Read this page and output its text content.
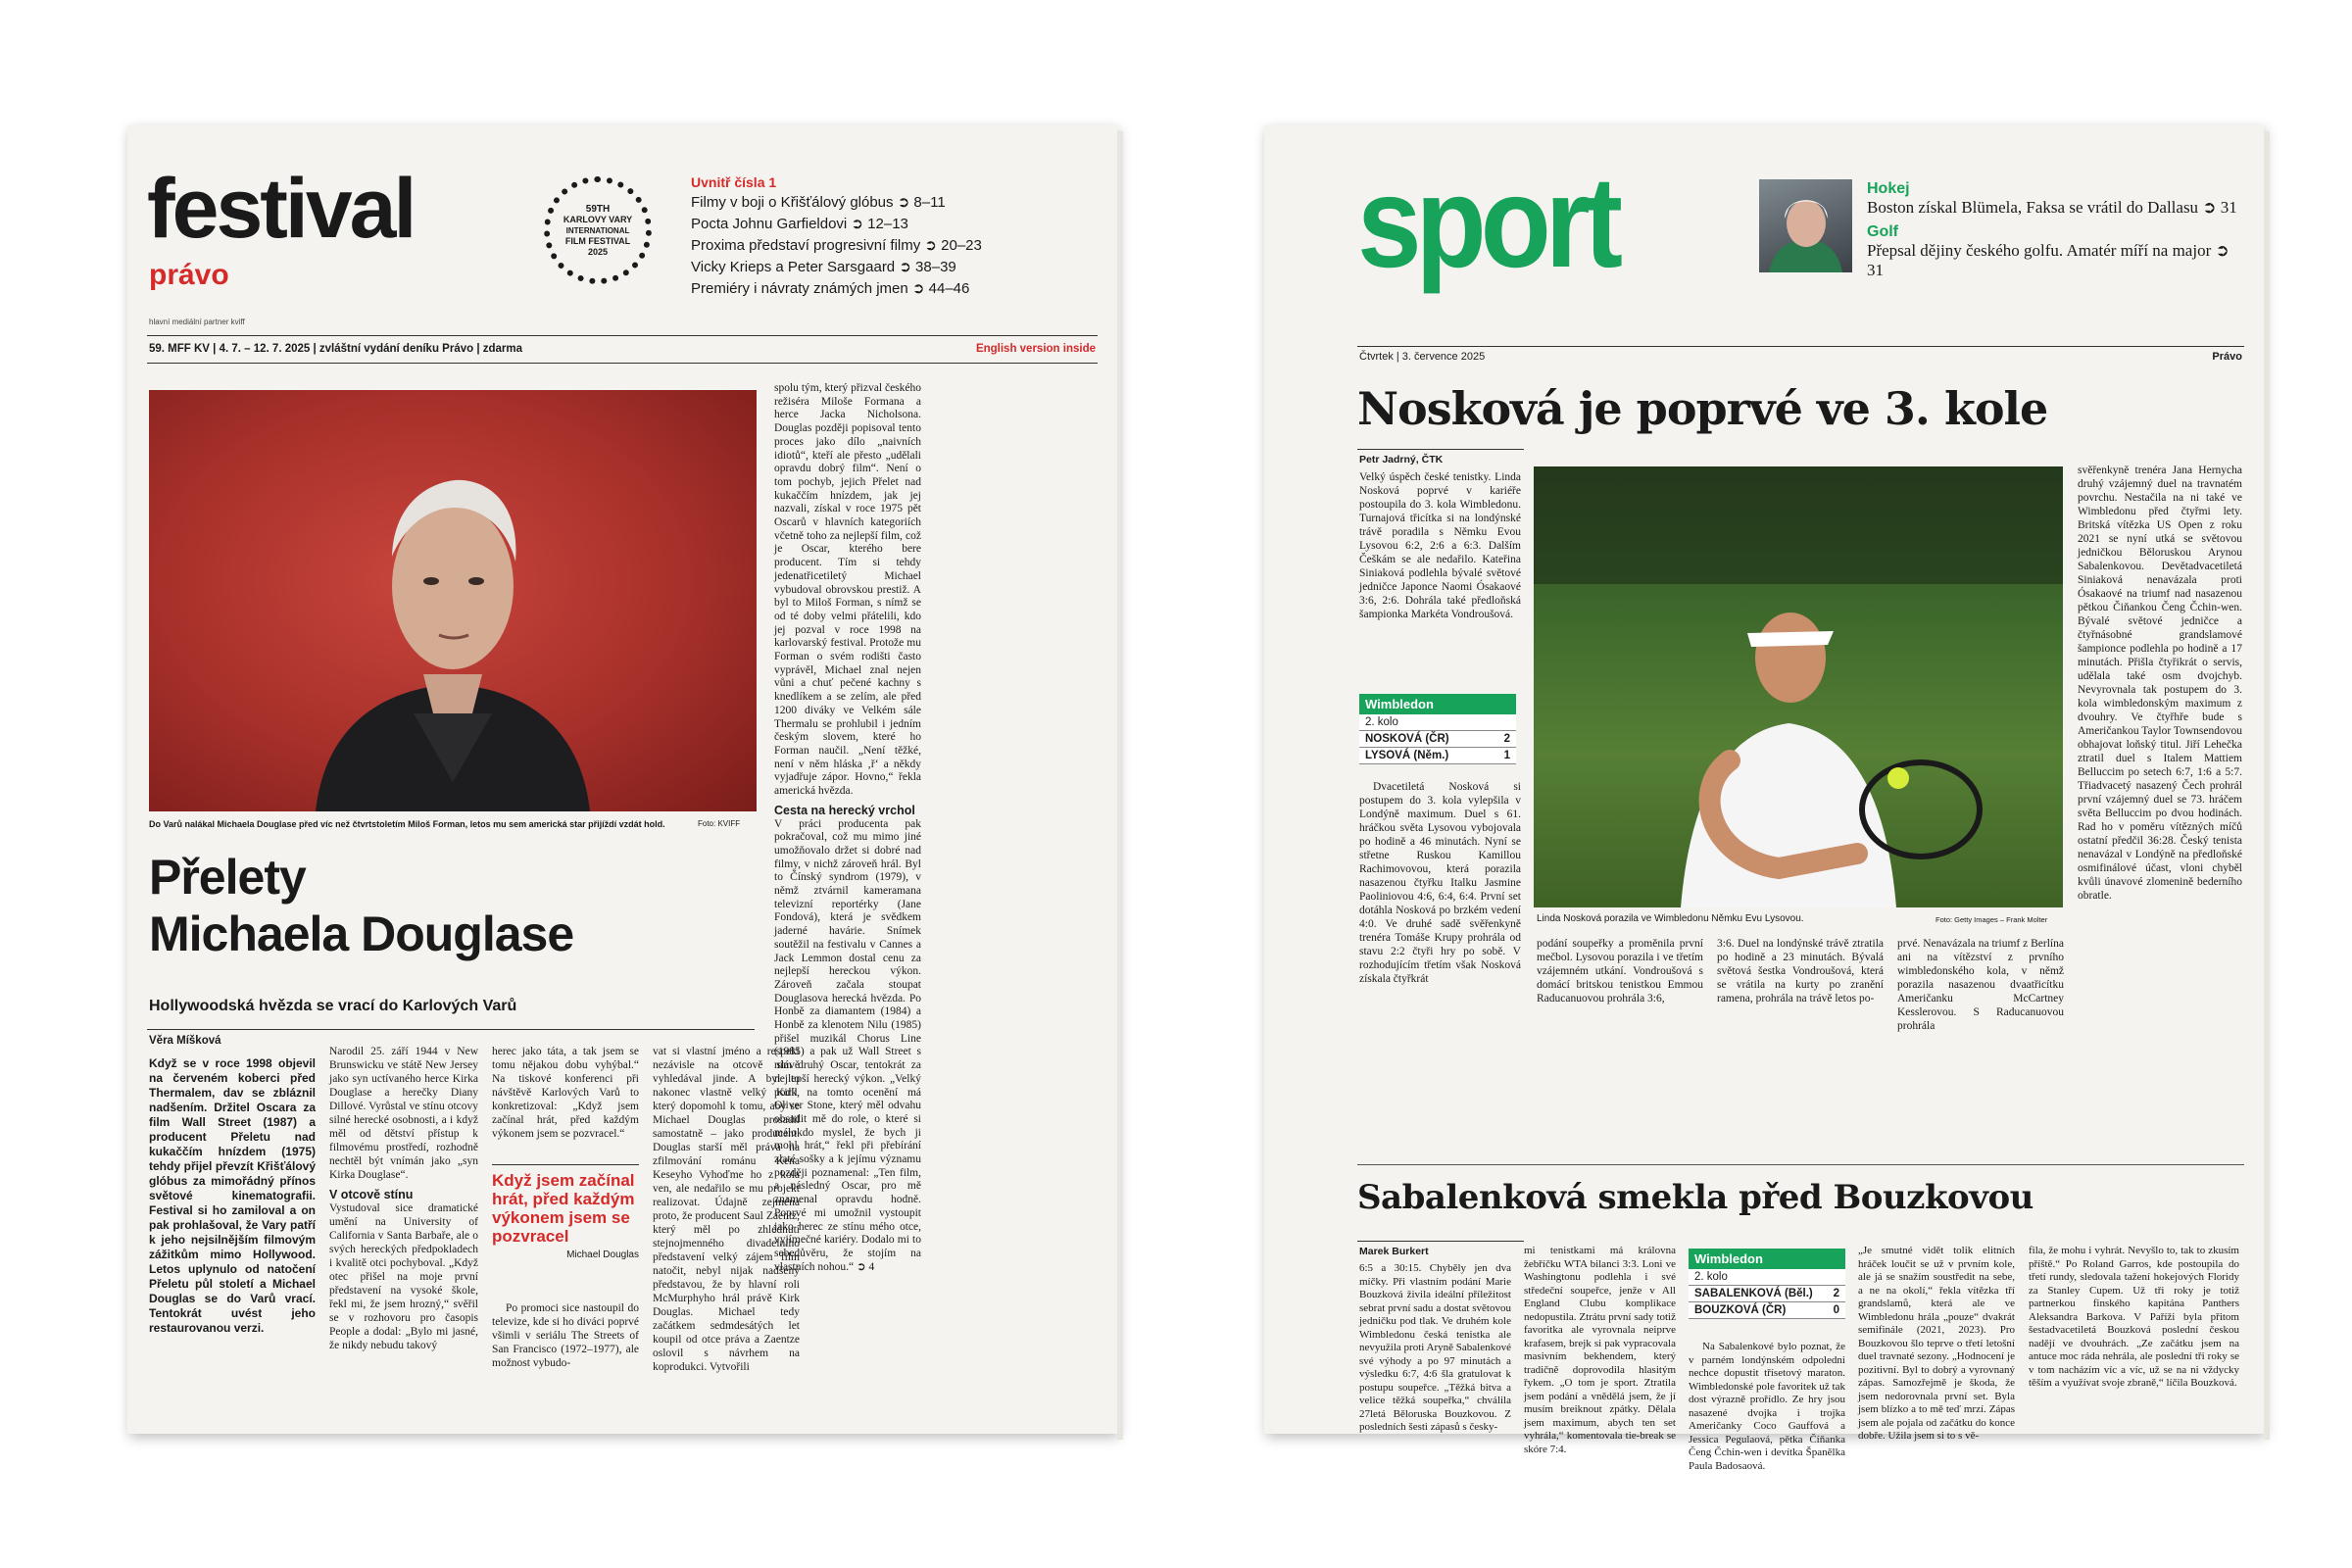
festival
právo
hlavní mediální partner kviff
59TH
KARLOVY VARY
INTERNATIONAL
FILM FESTIVAL
2025
Uvnitř čísla 1
Filmy v boji o Křišťálový glóbus ➲ 8–11
Pocta Johnu Garfieldovi ➲ 12–13
Proxima představí progresivní filmy ➲ 20–23
Vicky Krieps a Peter Sarsgaard ➲ 38–39
Premiéry i návraty známých jmen ➲ 44–46
59. MFF KV | 4. 7. – 12. 7. 2025 | zvláštní vydání deníku Právo | zdarma	English version inside
Do Varů nalákal Michaela Douglase před víc než čtvrtstoletím Miloš Forman, letos mu sem americká star přijíždí vzdát hold.	Foto: KVIFF

spolu tým, který přizval českého režiséra Miloše Formana a herce Jacka Nicholsona. Douglas později popisoval tento proces jako dílo „naivních idiotů“, kteří ale přesto „udělali opravdu dobrý film“. Není o tom pochyb, jejich Přelet nad kukaččím hnízdem, jak jej nazvali, získal v roce 1975 pět Oscarů v hlavních kategoriích včetně toho za nejlepší film, což je Oscar, kterého bere producent. Tím si tehdy jedenatřicetiletý Michael vybudoval obrovskou prestiž. A byl to Miloš Forman, s nímž se od té doby velmi přátelili, kdo jej pozval v roce 1998 na karlovarský festival. Protože mu Forman o svém rodišti často vyprávěl, Michael znal nejen vůni a chuť pečené kachny s knedlíkem a se zelím, ale před 1200 diváky ve Velkém sále Thermalu se prohlubil i jedním českým slovem, které ho Forman naučil. „Není těžké, není v něm hláska ‚ř‘ a někdy vyjadřuje zápor. Hovno,“ řekla americká hvězda.

Cesta na herecký vrchol

V práci producenta pak pokračoval, což mu mimo jiné umožňovalo držet si dobré nad filmy, v nichž zároveň hrál. Byl to Čínský syndrom (1979), v němž ztvárnil kameramana televizní reportérky (Jane Fondová), která je svědkem jaderné havárie. Snímek soutěžil na festivalu v Cannes a Jack Lemmon dostal cenu za nejlepší hereckou výkon. Zároveň začala stoupat Douglasova herecká hvězda. Po Honbě za diamantem (1984) a Honbě za klenotem Nilu (1985) přišel muzikál Chorus Line (1985) a pak už Wall Street s ním druhý Oscar, tentokrát za nejlepší herecký výkon. „Velký podíl na tomto ocenění má Oliver Stone, který měl odvahu obsadit mě do role, o které si málokdo myslel, že bych ji mohl hrát,“ řekl při přebírání zlaté sošky a k jejímu významu později poznamenal: „Ten film, a následný Oscar, pro mě znamenal opravdu hodně. Poprvé mi umožnil vystoupit jako herec ze stínu mého otce, vyjímečné kariéry. Dodalo mi to sebedůvěru, že stojím na vlastních nohou.“ ➲ 4

Přelety
Michaela Douglase
Hollywoodská hvězda se vrací do Karlových Varů
Věra Míšková

Když se v roce 1998 objevil na červeném koberci před Thermalem, dav se zbláznil nadšením. Držitel Oscara za film Wall Street (1987) a producent Přeletu nad kukaččím hnízdem (1975) tehdy přijel převzít Křišťálový glóbus za mimořádný přínos světové kinematografii. Festival si ho zamiloval a on pak prohlašoval, že Vary patří k jeho nejsilnějším filmovým zážitkům mimo Hollywood. Letos uplynulo od natočení Přeletu půl století a Michael Douglas se do Varů vrací. Tentokrát uvést jeho restaurovanou verzi.

Narodil 25. září 1944 v New Brunswicku ve státě New Jersey jako syn uctívaného herce Kirka Douglase a herečky Diany Dillové. Vyrůstal ve stínu otcovy silné herecké osobnosti, a i když měl od dětství přístup k filmovému prostředí, rozhodně nechtěl být vnímán jako „syn Kirka Douglase“.

V otcově stínu

Vystudoval sice dramatické umění na University of California v Santa Barbaře, ale o svých hereckých předpokladech i kvalitě otci pochyboval. „Když otec přišel na moje první představení na vysoké škole, řekl mi, že jsem hrozný,“ svěřil se v rozhovoru pro časopis People a dodal: „Bylo mi jasné, že nikdy nebudu takový

herec jako táta, a tak jsem se tomu nějakou dobu vyhýbal.“ Na tiskové konferenci při návštěvě Karlových Varů to konkretizoval: „Když jsem začínal hrát, před každým výkonem jsem se pozvracel.“

Když jsem začínal hrát, před každým výkonem jsem se pozvracel
Michael Douglas

Po promoci sice nastoupil do televize, kde si ho diváci poprvé všimli v seriálu The Streets of San Francisco (1972–1977), ale možnost vybudo-

vat si vlastní jméno a respekt nezávisle na otcově slávě vyhledával jinde. A byl to nakonec vlastně velký Kirk, který dopomohl k tomu, aby se Michael Douglas prosadil samostatně – jako producent. Douglas starší měl práva na zfilmování románu Kena Keseyho Vyhoďme ho z kola ven, ale nedařilo se mu projekt realizovat. Údajně zejména proto, že producent Saul Zaentz, který měl po zhlédnutí stejnojmenného divadelního představení velký zájem film natočit, nebyl nijak nadšený představou, že by hlavní roli McMurphyho hrál právě Kirk Douglas. Michael tedy začátkem sedmdesátých let koupil od otce práva a Zaentze oslovil s návrhem na koprodukci. Vytvořili

sport	Hokej
Boston získal Blümela, Faksa se vrátil do Dallasu ➲ 31
Golf
Přepsal dějiny českého golfu. Amatér míří na major ➲ 31
Čtvrtek | 3. července 2025	Právo
Nosková je poprvé ve 3. kole
Petr Jadrný, ČTK

Velký úspěch české tenistky. Linda Nosková poprvé v kariéře postoupila do 3. kola Wimbledonu. Turnajová třicítka si na londýnské trávě poradila s Němku Evou Lysovou 6:2, 2:6 a 6:3. Dalším Češkám se ale nedařilo. Kateřina Siniaková podlehla bývalé světové jedničce Japonce Naomi Ósakaové 3:6, 2:6. Dohrála také předloňská šampionka Markéta Vondroušová.

Wimbledon
2. kolo
NOSKOVÁ (ČR)	2
LYSOVÁ (Něm.)	1

Dvacetiletá Nosková si postupem do 3. kola vylepšila v Londýně maximum. Duel s 61. hráčkou světa Lysovou vybojovala po hodině a 46 minutách. Nyní se střetne Ruskou Kamillou Rachimovovou, která porazila nasazenou čtyřku Italku Jasmine Paoliniovou 4:6, 6:4, 6:4. První set dotáhla Nosková po brzkém vedení 4:0. Ve druhé sadě svěřenkyně trenéra Tomáše Krupy prohrála od stavu 2:2 čtyři hry po sobě. V rozhodujícím třetím však Nosková získala čtyřkrát

Linda Nosková porazila ve Wimbledonu Němku Evu Lysovou.	Foto: Getty Images – Frank Molter

podání soupeřky a proměnila první mečbol. Lysovou porazila i ve třetím vzájemném utkání. Vondroušová s domácí britskou tenistkou Emmou Raducanuovou prohrála 3:6,

3:6. Duel na londýnské trávě ztratila po hodině a 23 minutách. Bývalá světová šestka Vondroušová, která se vrátila na kurty po zranění ramena, prohrála na trávě letos po-

prvé. Nenavázala na triumf z Berlína ani na vítězství z prvního wimbledonského kola, v němž porazila nasazenou dvaatřicítku Američanku McCartney Kesslerovou. S Raducanuovou prohrála

svěřenkyně trenéra Jana Hernycha druhý vzájemný duel na travnatém povrchu. Nestačila na ni také ve Wimbledonu před čtyřmi lety. Britská vítězka US Open z roku 2021 se nyní utká se světovou jedničkou Běloruskou Arynou Sabalenkovou. Devětadvacetiletá Siniaková nenavázala proti Ósakaové na triumf nad nasazenou pětkou Čiňankou Čeng Čchin-wen. Bývalé světové jedničce a čtyřnásobné grandslamové šampionce podlehla po hodině a 17 minutách. Přišla čtyřikrát o servis, udělala také osm dvojchyb. Nevyrovnala tak postupem do 3. kola wimbledonským maximum z dvouhry. Ve čtyřhře bude s Američankou Taylor Townsendovou obhajovat loňský titul. Jiří Lehečka ztratil duel s Italem Mattiem Belluccim po setech 6:7, 1:6 a 5:7. Třiadvacetý nasazený Čech prohrál první vzájemný duel se 73. hráčem světa Belluccim po dvou hodinách. Rad ho v poměru vítězných míčů ostatní předčil 36:28. Český tenista nenavázal v Londýně na předloňské osmifinálové účast, vloni chyběl kvůli únavové zlomenině bederního obratle.

Sabalenková smekla před Bouzkovou
Marek Burkert

6:5 a 30:15. Chyběly jen dva míčky. Při vlastním podání Marie Bouzková živila ideální příležitost sebrat první sadu a dostat světovou jedničku pod tlak. Ve druhém kole Wimbledonu česká tenistka ale nevyužila proti Aryně Sabalenkové své výhody a po 97 minutách a výsledku 6:7, 4:6 šla gratulovat k postupu soupeřce. „Těžká bitva a velice těžká soupeřka,“ chválila 27letá Běloruska Bouzkovou. Z posledních šesti zápasů s česky-

mi tenistkami má královna žebříčku WTA bilanci 3:3. Loni ve Washingtonu podlehla i své středeční soupeřce, jenže v All England Clubu komplikace nedopustila. Ztrátu první sady totiž favoritka ale vyrovnala neiprve krafasem, brejk si pak vypracovala masivním bekhendem, který tradičně doprovodila hlasitým řykem. „O tom je sport. Ztratila jsem podání a vnědělá jsem, že jí musím breiknout zpátky. Dělala jsem maximum, abych ten set vyhrála,“ komentovala tie-break se skóre 7:4.

Wimbledon
2. kolo
SABALENKOVÁ (Běl.) 2
BOUZKOVÁ (ČR)	0

Na Sabalenkové bylo poznat, že v parném londýnském odpoledni nechce dopustit třísetový maraton. Wimbledonské pole favoritek už tak dost výrazně prořídlo. Ze hry jsou nasazené dvojka i trojka Američanky Coco Gauffová a Jessica Pegulaová, pětka Číňanka Čeng Čchin-wen i devítka Španělka Paula Badosaová.

„Je smutné vidět tolik elitních hráček loučit se už v prvním kole, ale já se snažím soustředit na sebe, a ne na okolí,“ řekla vítězka tří grandslamů, která ale ve Wimbledonu hrála „pouze“ dvakrát semifinále (2021, 2023). Pro Bouzkovou šlo teprve o třetí letošní duel travnaté sezony. „Hodnocení je pozitivní. Byl to dobrý a vyrovnaný zápas. Samozřejmě je škoda, že jsem nedorovnala první set. Byla jsem blízko a to mě teď mrzí. Zápas jsem ale pojala od začátku do konce dobře. Užila jsem si to s vě-

fila, že mohu i vyhrát. Nevyšlo to, tak to zkusím příště.“ Po Roland Garros, kde postoupila do třetí rundy, sledovala tažení hokejových Floridy za Stanley Cupem. Už tři roky je totiž partnerkou finského kapitána Panthers Aleksandra Barkova. V Paříži byla přitom šestadvacetiletá Bouzková poslední českou nadějí ve dvouhrách. „Ze začátku jsem na antuce moc ráda nehrála, ale poslední tři roky se v tom nacházím víc a víc, už se na ni vždycky těším a využívat svoje zbraně,“ líčila Bouzková.
